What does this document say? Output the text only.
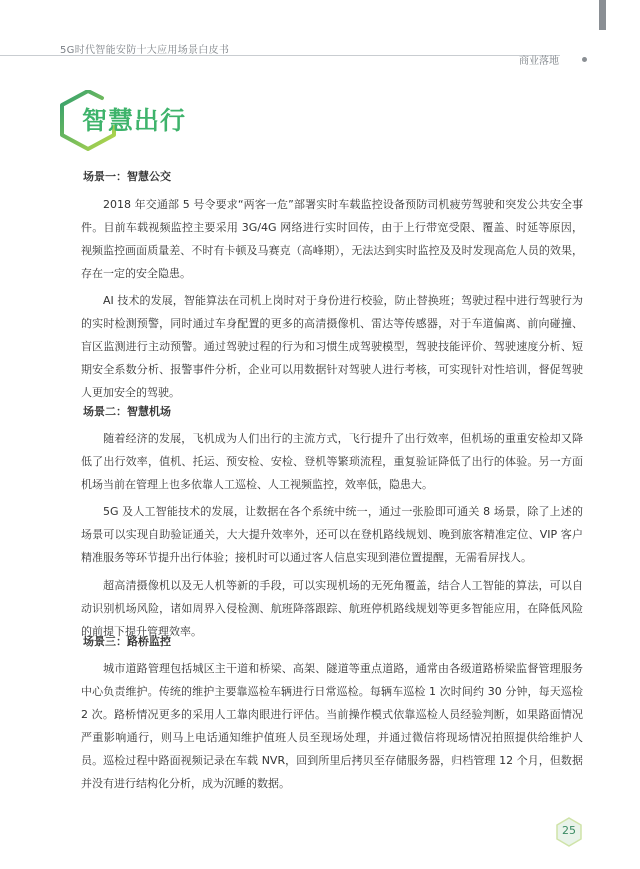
5G时代智能安防十大应用场景白皮书
商业落地
智慧出行
场景一：智慧公交

2018 年交通部 5 号令要求“两客一危”部署实时车载监控设备预防司机疲劳驾驶和突发公共安全事件。目前车载视频监控主要采用 3G/4G 网络进行实时回传，由于上行带宽受限、覆盖、时延等原因，视频监控画面质量差、不时有卡顿及马赛克（高峰期），无法达到实时监控及及时发现高危人员的效果，存在一定的安全隐患。

AI 技术的发展，智能算法在司机上岗时对于身份进行校验，防止替换班；驾驶过程中进行驾驶行为的实时检测预警，同时通过车身配置的更多的高清摄像机、雷达等传感器，对于车道偏离、前向碰撞、盲区监测进行主动预警。通过驾驶过程的行为和习惯生成驾驶模型，驾驶技能评价、驾驶速度分析、短期安全系数分析、报警事件分析，企业可以用数据针对驾驶人进行考核，可实现针对性培训，督促驾驶人更加安全的驾驶。

场景二：智慧机场

随着经济的发展，飞机成为人们出行的主流方式，飞行提升了出行效率，但机场的重重安检却又降低了出行效率，值机、托运、预安检、安检、登机等繁琐流程，重复验证降低了出行的体验。另一方面机场当前在管理上也多依靠人工巡检、人工视频监控，效率低，隐患大。

5G 及人工智能技术的发展，让数据在各个系统中统一，通过一张脸即可通关 8 场景，除了上述的场景可以实现自助验证通关，大大提升效率外，还可以在登机路线规划、晚到旅客精准定位、VIP 客户精准服务等环节提升出行体验；接机时可以通过客人信息实现到港位置提醒，无需看屏找人。

超高清摄像机以及无人机等新的手段，可以实现机场的无死角覆盖，结合人工智能的算法，可以自动识别机场风险，诸如周界入侵检测、航班降落跟踪、航班停机路线规划等更多智能应用，在降低风险的前提下提升管理效率。

场景三：路桥监控

城市道路管理包括城区主干道和桥梁、高架、隧道等重点道路，通常由各级道路桥梁监督管理服务中心负责维护。传统的维护主要靠巡检车辆进行日常巡检。每辆车巡检 1 次时间约 30 分钟，每天巡检 2 次。路桥情况更多的采用人工靠肉眼进行评估。当前操作模式依靠巡检人员经验判断，如果路面情况严重影响通行，则马上电话通知维护值班人员至现场处理，并通过微信将现场情况拍照提供给维护人员。巡检过程中路面视频记录在车载 NVR，回到所里后拷贝至存储服务器，归档管理 12 个月，但数据并没有进行结构化分析，成为沉睡的数据。

25
